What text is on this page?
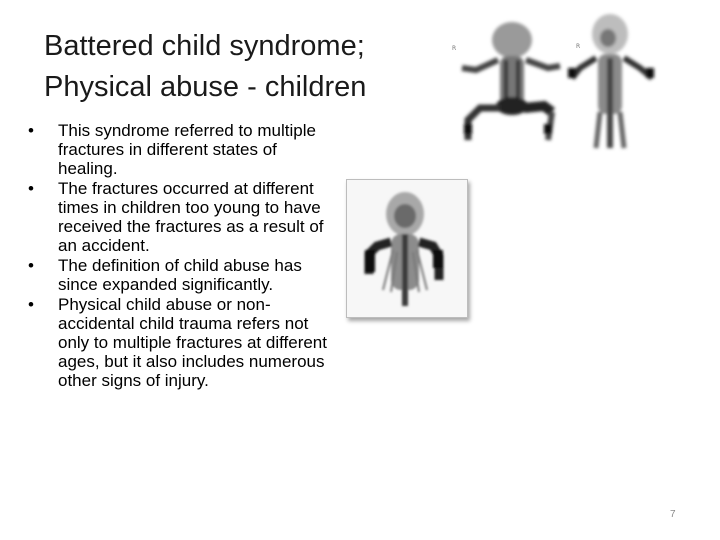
Battered child syndrome;
Physical abuse - children
•	This syndrome referred to multiple fractures in different states of healing.
•	The fractures occurred at different times in children too young to have received the fractures as a result of an accident.
•	The definition of child abuse has since expanded significantly.
•	Physical child abuse or non-accidental child trauma refers not only to multiple fractures at different ages, but it also includes numerous other signs of injury.
R	R
7
